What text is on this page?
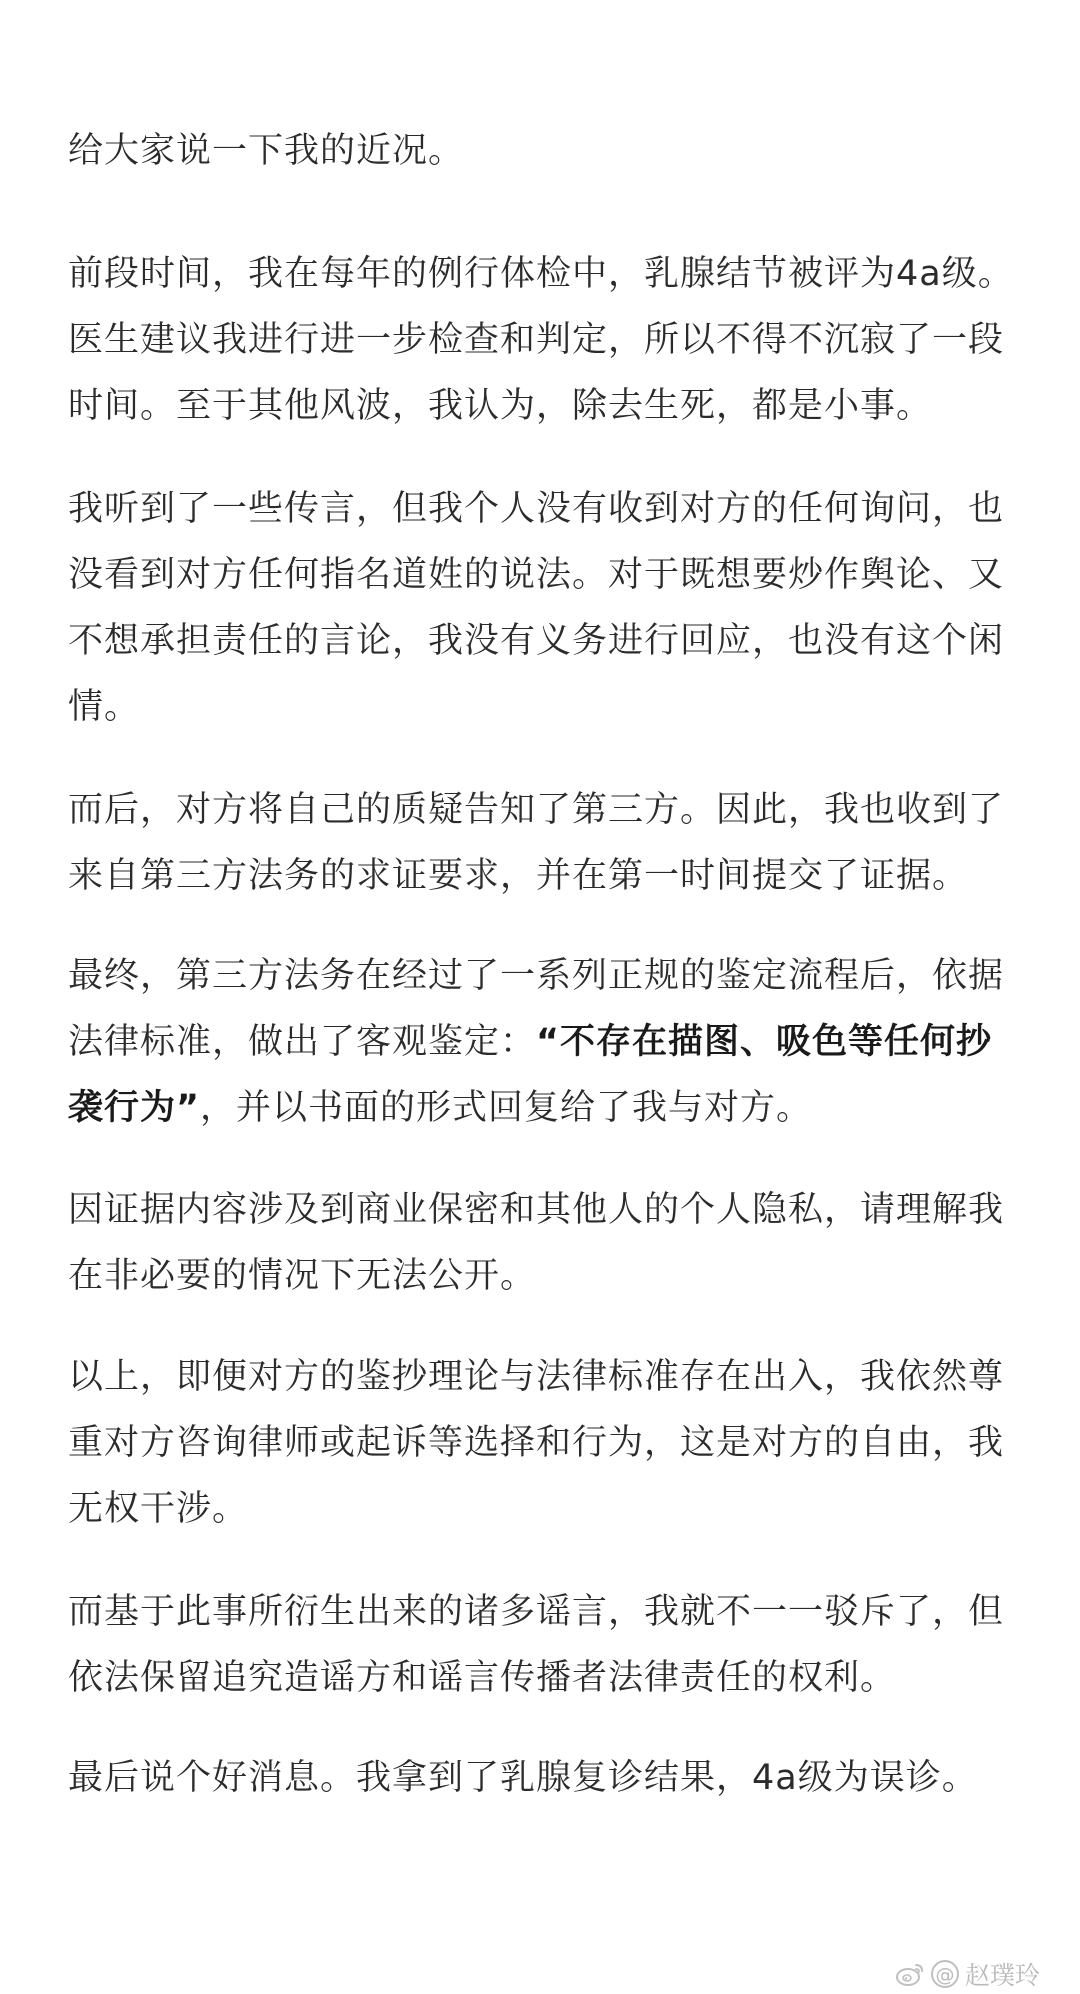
给大家说一下我的近况。

前段时间，我在每年的例行体检中，乳腺结节被评为4a级。医生建议我进行进一步检查和判定，所以不得不沉寂了一段时间。至于其他风波，我认为，除去生死，都是小事。

我听到了一些传言，但我个人没有收到对方的任何询问，也没看到对方任何指名道姓的说法。对于既想要炒作舆论、又不想承担责任的言论，我没有义务进行回应，也没有这个闲情。

而后，对方将自己的质疑告知了第三方。因此，我也收到了来自第三方法务的求证要求，并在第一时间提交了证据。

最终，第三方法务在经过了一系列正规的鉴定流程后，依据法律标准，做出了客观鉴定：“不存在描图、吸色等任何抄袭行为”，并以书面的形式回复给了我与对方。

因证据内容涉及到商业保密和其他人的个人隐私，请理解我在非必要的情况下无法公开。

以上，即便对方的鉴抄理论与法律标准存在出入，我依然尊重对方咨询律师或起诉等选择和行为，这是对方的自由，我无权干涉。

而基于此事所衍生出来的诸多谣言，我就不一一驳斥了，但依法保留追究造谣方和谣言传播者法律责任的权利。

最后说个好消息。我拿到了乳腺复诊结果，4a级为误诊。

@ 赵璞玲
